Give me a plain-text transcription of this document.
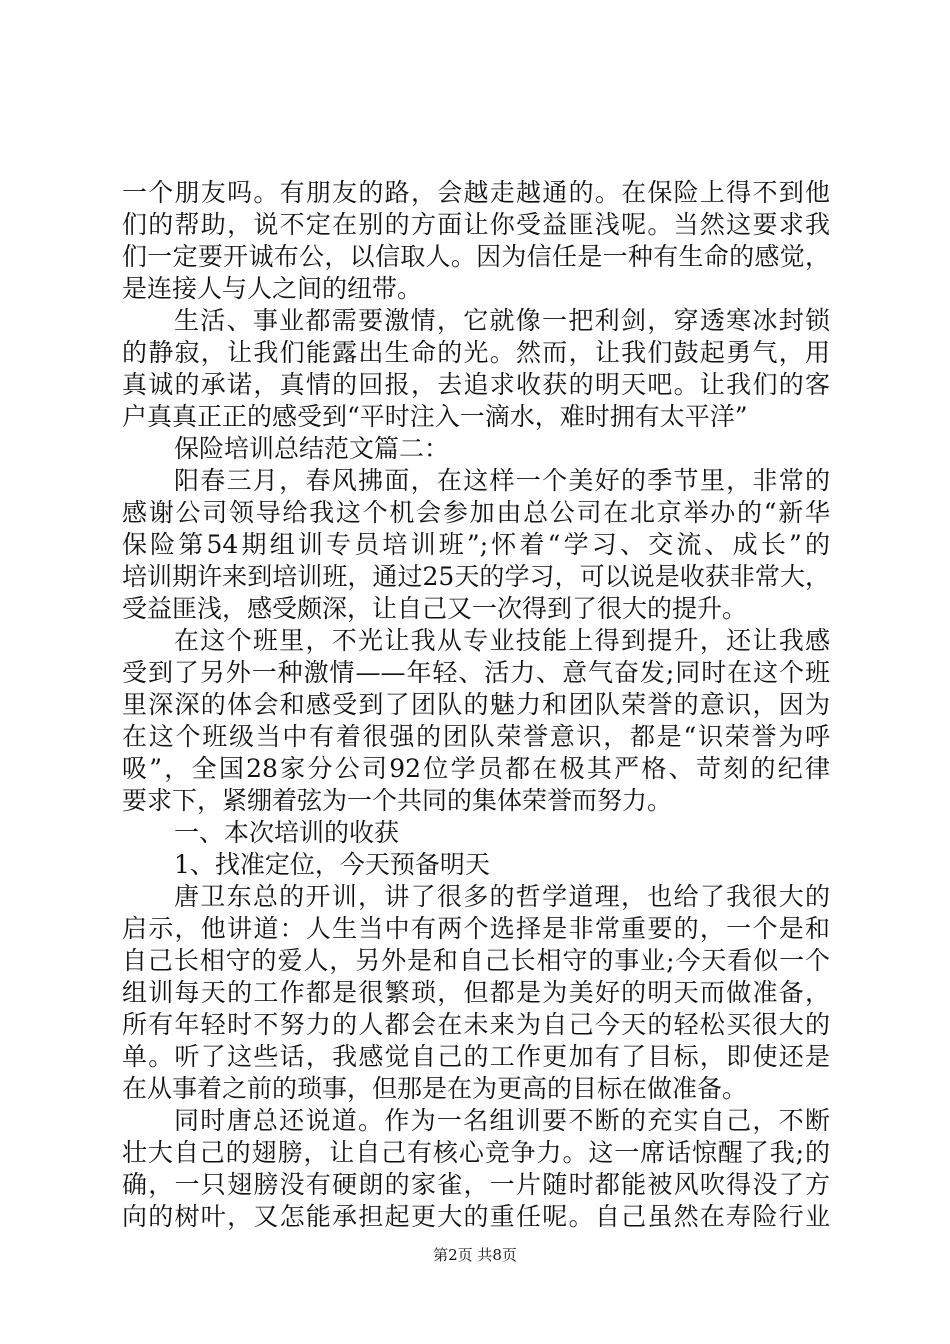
一个朋友吗。有朋友的路，会越走越通的。在保险上得不到他
们的帮助，说不定在别的方面让你受益匪浅呢。当然这要求我
们一定要开诚布公，以信取人。因为信任是一种有生命的感觉，
是连接人与人之间的纽带。
生活、事业都需要激情，它就像一把利剑，穿透寒冰封锁
的静寂，让我们能露出生命的光。然而，让我们鼓起勇气，用
真诚的承诺，真情的回报，去追求收获的明天吧。让我们的客
户真真正正的感受到“平时注入一滴水，难时拥有太平洋”
保险培训总结范文篇二：
阳春三月，春风拂面，在这样一个美好的季节里，非常的
感谢公司领导给我这个机会参加由总公司在北京举办的“新华
保险第54期组训专员培训班”;怀着“学习、交流、成长”的
培训期许来到培训班，通过25天的学习，可以说是收获非常大，
受益匪浅，感受颇深，让自己又一次得到了很大的提升。
在这个班里，不光让我从专业技能上得到提升，还让我感
受到了另外一种激情——年轻、活力、意气奋发;同时在这个班
里深深的体会和感受到了团队的魅力和团队荣誉的意识，因为
在这个班级当中有着很强的团队荣誉意识，都是“识荣誉为呼
吸”，全国28家分公司92位学员都在极其严格、苛刻的纪律
要求下，紧绷着弦为一个共同的集体荣誉而努力。
一、本次培训的收获
1、找准定位，今天预备明天
唐卫东总的开训，讲了很多的哲学道理，也给了我很大的
启示，他讲道：人生当中有两个选择是非常重要的，一个是和
自己长相守的爱人，另外是和自己长相守的事业;今天看似一个
组训每天的工作都是很繁琐，但都是为美好的明天而做准备，
所有年轻时不努力的人都会在未来为自己今天的轻松买很大的
单。听了这些话，我感觉自己的工作更加有了目标，即使还是
在从事着之前的琐事，但那是在为更高的目标在做准备。
同时唐总还说道。作为一名组训要不断的充实自己，不断
壮大自己的翅膀，让自己有核心竞争力。这一席话惊醒了我;的
确，一只翅膀没有硬朗的家雀，一片随时都能被风吹得没了方
向的树叶，又怎能承担起更大的重任呢。自己虽然在寿险行业
第2页 共8页
